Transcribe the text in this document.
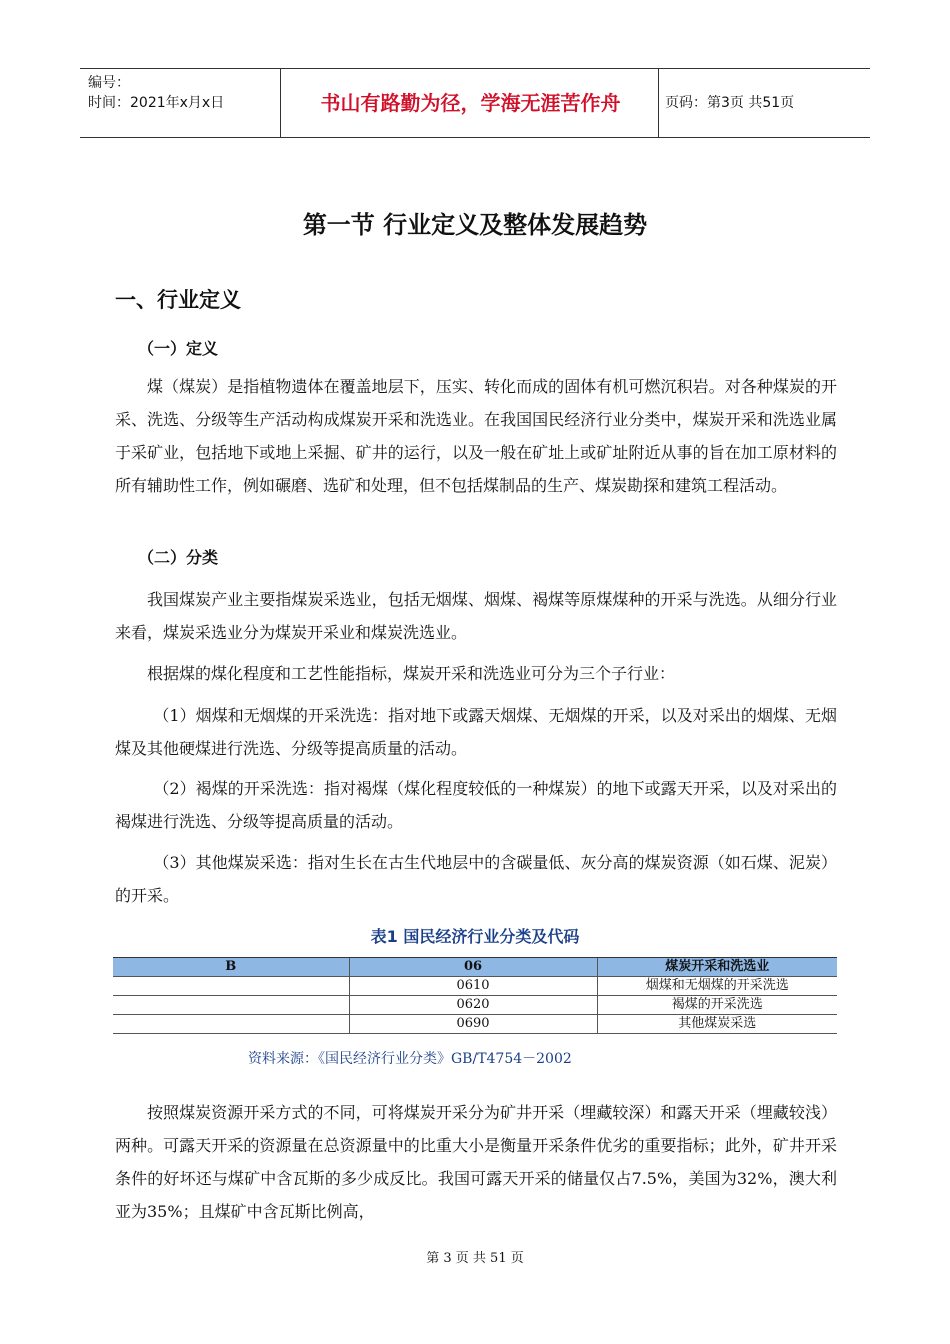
编号：
时间：2021年x月x日	书山有路勤为径，学海无涯苦作舟	页码：第3页 共51页
第一节 行业定义及整体发展趋势
一、行业定义
（一）定义

煤（煤炭）是指植物遗体在覆盖地层下，压实、转化而成的固体有机可燃沉积岩。对各种煤炭的开采、洗选、分级等生产活动构成煤炭开采和洗选业。在我国国民经济行业分类中，煤炭开采和洗选业属于采矿业，包括地下或地上采掘、矿井的运行，以及一般在矿址上或矿址附近从事的旨在加工原材料的所有辅助性工作，例如碾磨、选矿和处理，但不包括煤制品的生产、煤炭勘探和建筑工程活动。

（二）分类

我国煤炭产业主要指煤炭采选业，包括无烟煤、烟煤、褐煤等原煤煤种的开采与洗选。从细分行业来看，煤炭采选业分为煤炭开采业和煤炭洗选业。

根据煤的煤化程度和工艺性能指标，煤炭开采和洗选业可分为三个子行业：

（1）烟煤和无烟煤的开采洗选：指对地下或露天烟煤、无烟煤的开采，以及对采出的烟煤、无烟煤及其他硬煤进行洗选、分级等提高质量的活动。

（2）褐煤的开采洗选：指对褐煤（煤化程度较低的一种煤炭）的地下或露天开采，以及对采出的褐煤进行洗选、分级等提高质量的活动。

（3）其他煤炭采选：指对生长在古生代地层中的含碳量低、灰分高的煤炭资源（如石煤、泥炭）的开采。

表1 国民经济行业分类及代码
B	06	煤炭开采和洗选业
	0610	烟煤和无烟煤的开采洗选
	0620	褐煤的开采洗选
	0690	其他煤炭采选
资料来源：《国民经济行业分类》GB/T4754－2002

按照煤炭资源开采方式的不同，可将煤炭开采分为矿井开采（埋藏较深）和露天开采（埋藏较浅）两种。可露天开采的资源量在总资源量中的比重大小是衡量开采条件优劣的重要指标；此外，矿井开采条件的好坏还与煤矿中含瓦斯的多少成反比。我国可露天开采的储量仅占7.5%，美国为32%，澳大利亚为35%；且煤矿中含瓦斯比例高，

第 3 页 共 51 页
